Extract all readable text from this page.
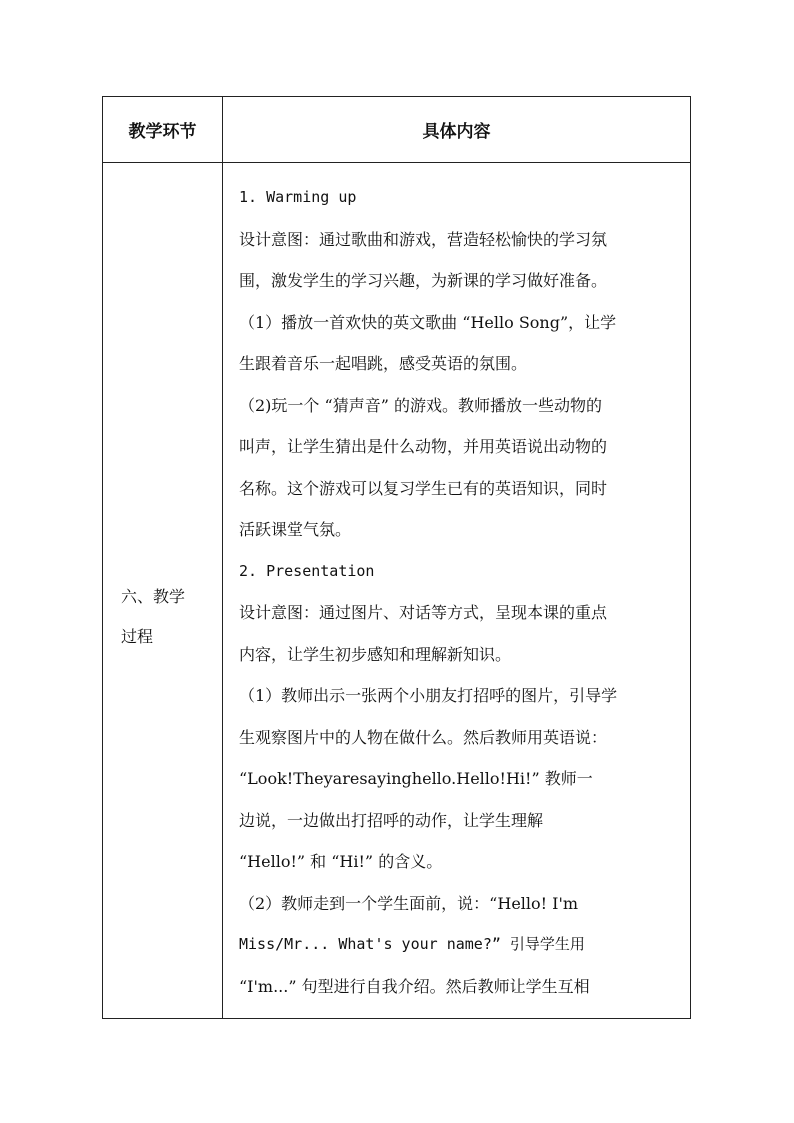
教学环节	具体内容
六、教学
过程
1. Warming up
设计意图：通过歌曲和游戏，营造轻松愉快的学习氛
围，激发学生的学习兴趣，为新课的学习做好准备。
（1）播放一首欢快的英文歌曲 “Hello Song”，让学
生跟着音乐一起唱跳，感受英语的氛围。
（2)玩一个 “猜声音” 的游戏。教师播放一些动物的
叫声，让学生猜出是什么动物，并用英语说出动物的
名称。这个游戏可以复习学生已有的英语知识，同时
活跃课堂气氛。
2. Presentation
设计意图：通过图片、对话等方式，呈现本课的重点
内容，让学生初步感知和理解新知识。
（1）教师出示一张两个小朋友打招呼的图片，引导学
生观察图片中的人物在做什么。然后教师用英语说：
“Look!Theyaresayinghello.Hello!Hi!” 教师一
边说，一边做出打招呼的动作，让学生理解
“Hello!” 和 “Hi!” 的含义。
（2）教师走到一个学生面前，说：“Hello! I'm
Miss/Mr... What's your name?” 引导学生用
“I'm...” 句型进行自我介绍。然后教师让学生互相
